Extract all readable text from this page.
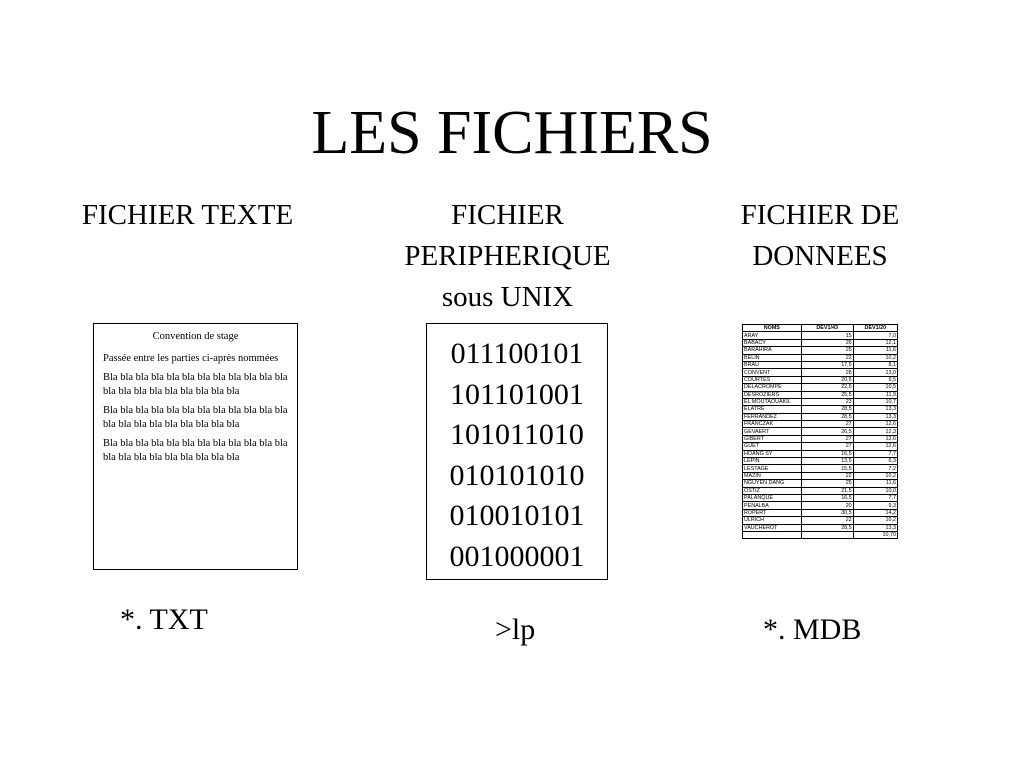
LES FICHIERS
FICHIER TEXTE	FICHIER
PERIPHERIQUE
sous UNIX
FICHIER DE
DONNEES
Convention de stage

Passée entre les parties ci-après nommées

Bla bla bla bla bla bla bla bla bla bla bla bla bla bla bla bla bla bla bla bla bla

Bla bla bla bla bla bla bla bla bla bla bla bla bla bla bla bla bla bla bla bla bla

Bla bla bla bla bla bla bla bla bla bla bla bla bla bla bla bla bla bla bla bla bla

011100101
101101001
101011010
010101010
010010101
001000001
NOMS	DEV1/43	DEV1/20
ARAY	15	7,0
BABACY	26	12,1
BARAHIRA	25	11,6
BELIN	22	10,2
BRAU	17,5	8,1
CONVENT	28	13,0
COURTES	20,5	9,5
DELACROMPE	22,5	10,5
DESROZIERS	25,5	11,9
EL MOUTAOUAKIL	23	10,7
ELATRE	28,5	13,3
FERRANDEZ	28,5	13,3
FRANCZAK	27	12,6
GEVAERT	26,5	12,3
GIBERT	27	12,6
GUET	27	12,6
HOANG SY	16,5	7,7
LEPIN	13,5	6,3
LESTAGE	15,5	7,2
MAZIN	22	10,2
NGUYEN DANG	25	11,6
OSTIZ	21,5	10,0
PALANQUE	16,5	7,7
PENALBA	20	9,3
ROPERT	30,5	14,2
ULRICH	22	10,2
VAUCHEROT	28,5	13,3
		10,70
*. TXT	>lp	*. MDB
